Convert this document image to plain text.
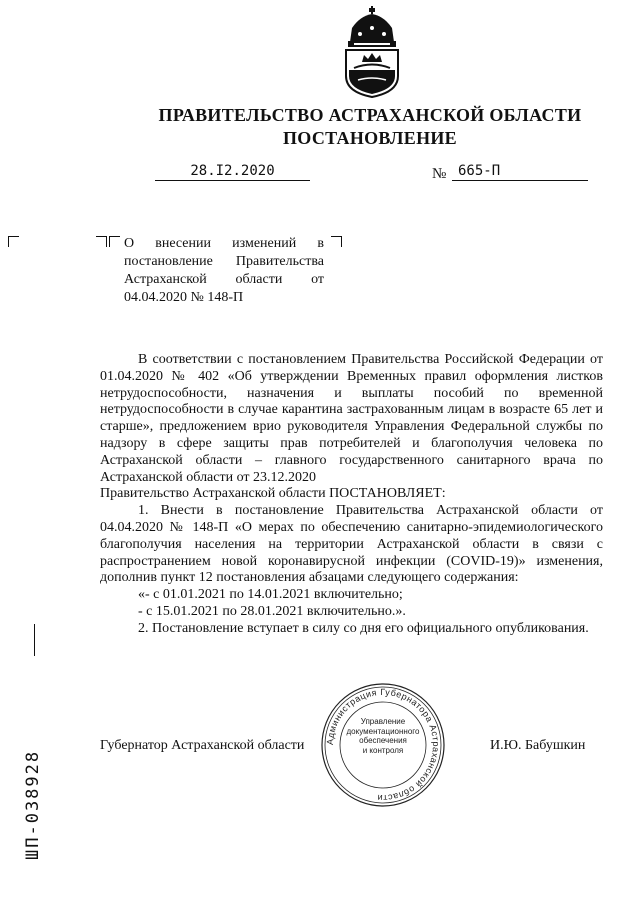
ПРАВИТЕЛЬСТВО АСТРАХАНСКОЙ ОБЛАСТИ
ПОСТАНОВЛЕНИЕ
28.I2.2020	№ 665-П
О внесении изменений в постановление Правительства Астраханской области от 04.04.2020 № 148-П

В соответствии с постановлением Правительства Российской Федерации от 01.04.2020 № 402 «Об утверждении Временных правил оформления листков нетрудоспособности, назначения и выплаты пособий по временной нетрудоспособности в случае карантина застрахованным лицам в возрасте 65 лет и старше», предложением врио руководителя Управления Федеральной службы по надзору в сфере защиты прав потребителей и благополучия человека по Астраханской области – главного государственного санитарного врача по Астраханской области от 23.12.2020

Правительство Астраханской области ПОСТАНОВЛЯЕТ:

1. Внести в постановление Правительства Астраханской области от 04.04.2020 № 148-П «О мерах по обеспечению санитарно-эпидемиологического благополучия населения на территории Астраханской области в связи с распространением новой коронавирусной инфекции (COVID-19)» изменения, дополнив пункт 12 постановления абзацами следующего содержания:

«- с 01.01.2021 по 14.01.2021 включительно;

- с 15.01.2021 по 28.01.2021 включительно.».

2. Постановление вступает в силу со дня его официального опубликования.

Администрация Губернатора Астраханской области
Управление
документационного
обеспечения
и контроля
Губернатор Астраханской области	И.Ю. Бабушкин
ШП-038928
